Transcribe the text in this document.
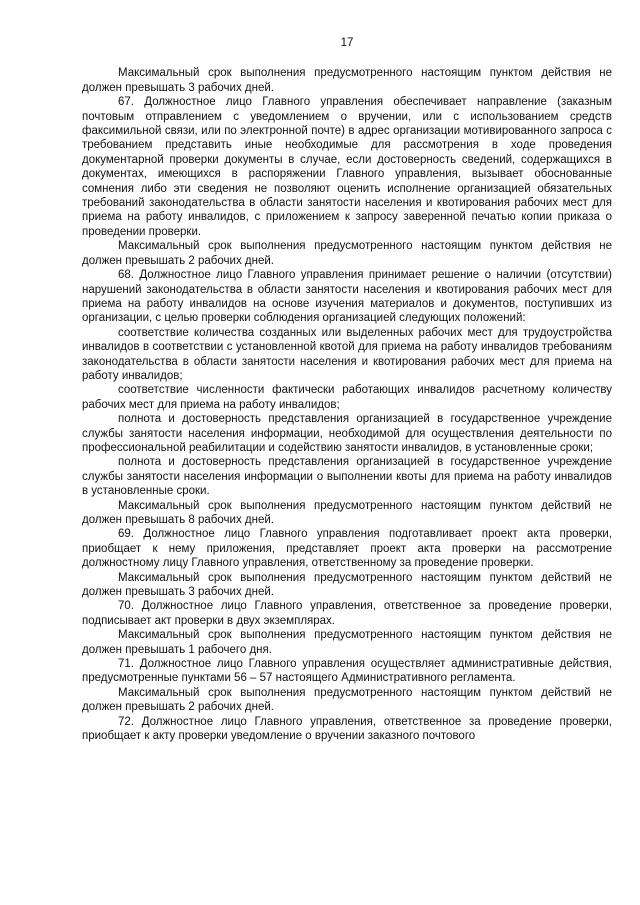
17

Максимальный срок выполнения предусмотренного настоящим пунктом действия не должен превышать 3 рабочих дней.

67. Должностное лицо Главного управления обеспечивает направление (заказным почтовым отправлением с уведомлением о вручении, или с использованием средств факсимильной связи, или по электронной почте) в адрес организации мотивированного запроса с требованием представить иные необходимые для рассмотрения в ходе проведения документарной проверки документы в случае, если достоверность сведений, содержащихся в документах, имеющихся в распоряжении Главного управления, вызывает обоснованные сомнения либо эти сведения не позволяют оценить исполнение организацией обязательных требований законодательства в области занятости населения и квотирования рабочих мест для приема на работу инвалидов, с приложением к запросу заверенной печатью копии приказа о проведении проверки.

Максимальный срок выполнения предусмотренного настоящим пунктом действия не должен превышать 2 рабочих дней.

68. Должностное лицо Главного управления принимает решение о наличии (отсутствии) нарушений законодательства в области занятости населения и квотирования рабочих мест для приема на работу инвалидов на основе изучения материалов и документов, поступивших из организации, с целью проверки соблюдения организацией следующих положений:

соответствие количества созданных или выделенных рабочих мест для трудоустройства инвалидов в соответствии с установленной квотой для приема на работу инвалидов требованиям законодательства в области занятости населения и квотирования рабочих мест для приема на работу инвалидов;

соответствие численности фактически работающих инвалидов расчетному количеству рабочих мест для приема на работу инвалидов;

полнота и достоверность представления организацией в государственное учреждение службы занятости населения информации, необходимой для осуществления деятельности по профессиональной реабилитации и содействию занятости инвалидов, в установленные сроки;

полнота и достоверность представления организацией в государственное учреждение службы занятости населения информации о выполнении квоты для приема на работу инвалидов в установленные сроки.

Максимальный срок выполнения предусмотренного настоящим пунктом действий не должен превышать 8 рабочих дней.

69. Должностное лицо Главного управления подготавливает проект акта проверки, приобщает к нему приложения, представляет проект акта проверки на рассмотрение должностному лицу Главного управления, ответственному за проведение проверки.

Максимальный срок выполнения предусмотренного настоящим пунктом действий не должен превышать 3 рабочих дней.

70. Должностное лицо Главного управления, ответственное за проведение проверки, подписывает акт проверки в двух экземплярах.

Максимальный срок выполнения предусмотренного настоящим пунктом действия не должен превышать 1 рабочего дня.

71. Должностное лицо Главного управления осуществляет административные действия, предусмотренные пунктами 56 – 57 настоящего Административного регламента.

Максимальный срок выполнения предусмотренного настоящим пунктом действий не должен превышать 2 рабочих дней.

72. Должностное лицо Главного управления, ответственное за проведение проверки, приобщает к акту проверки уведомление о вручении заказного почтового
